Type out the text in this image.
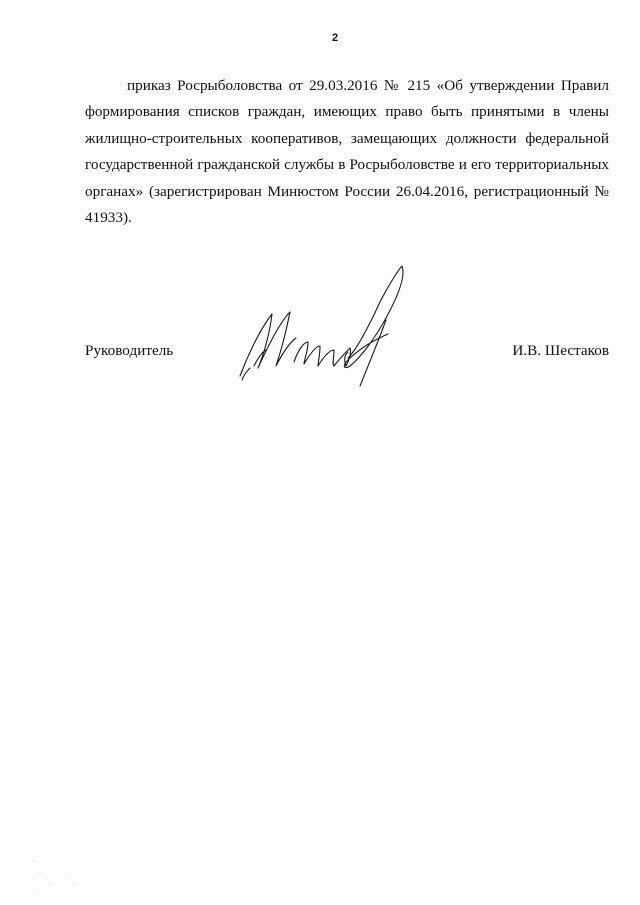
2

приказ Росрыболовства от 29.03.2016 № 215 «Об утверждении Правил формирования списков граждан, имеющих право быть принятыми в члены жилищно-строительных кооперативов, замещающих должности федеральной государственной гражданской службы в Росрыболовстве и его территориальных органах» (зарегистрирован Минюстом России 26.04.2016, регистрационный № 41933).

Руководитель	И.В. Шестаков
